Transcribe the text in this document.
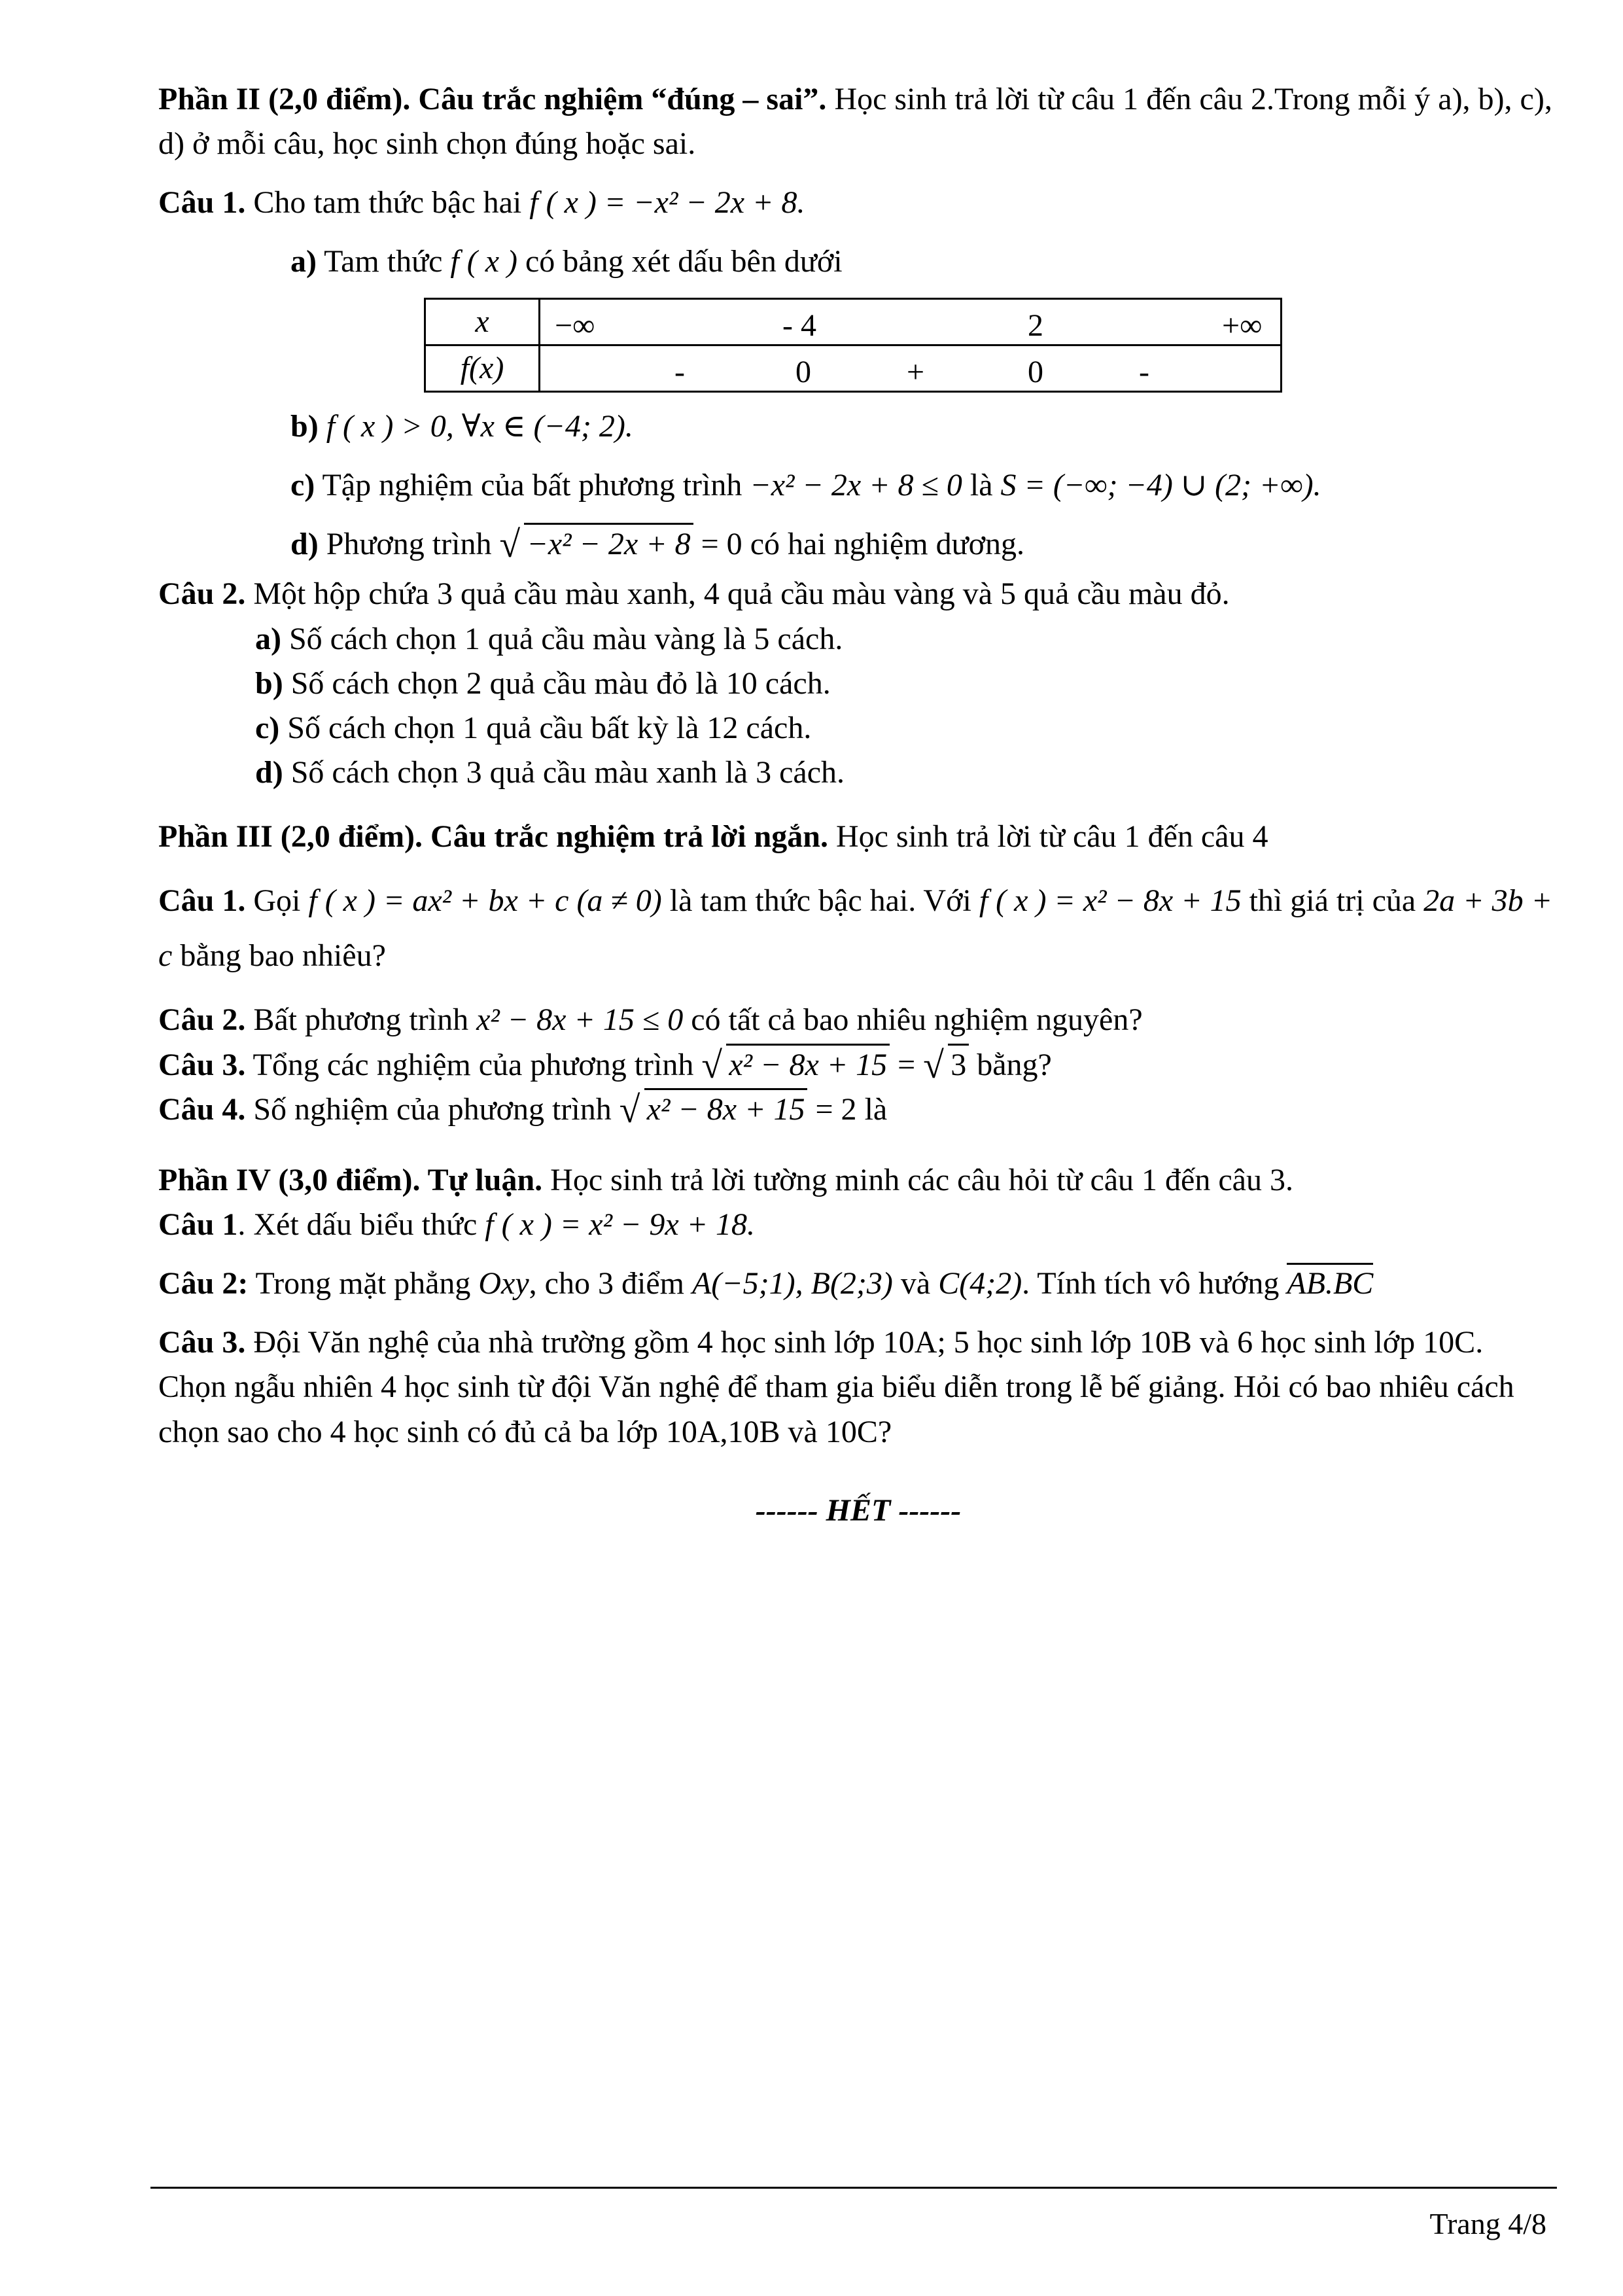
Phần II (2,0 điểm). Câu trắc nghiệm “đúng – sai”. Học sinh trả lời từ câu 1 đến câu 2.Trong mỗi ý a), b), c), d) ở mỗi câu, học sinh chọn đúng hoặc sai.

Câu 1. Cho tam thức bậc hai f ( x ) = −x² − 2x + 8.

a) Tam thức f ( x ) có bảng xét dấu bên dưới

x	−∞ - 4 2 +∞

f(x)	- 0 + 0 -

b) f ( x ) > 0, ∀x ∈ (−4; 2).

c) Tập nghiệm của bất phương trình −x² − 2x + 8 ≤ 0 là S = (−∞; −4) ∪ (2; +∞).

d) Phương trình √ −x² − 2x + 8 = 0 có hai nghiệm dương.

Câu 2. Một hộp chứa 3 quả cầu màu xanh, 4 quả cầu màu vàng và 5 quả cầu màu đỏ.

a) Số cách chọn 1 quả cầu màu vàng là 5 cách.

b) Số cách chọn 2 quả cầu màu đỏ là 10 cách.

c) Số cách chọn 1 quả cầu bất kỳ là 12 cách.

d) Số cách chọn 3 quả cầu màu xanh là 3 cách.

Phần III (2,0 điểm). Câu trắc nghiệm trả lời ngắn. Học sinh trả lời từ câu 1 đến câu 4

Câu 1. Gọi f ( x ) = ax² + bx + c (a ≠ 0) là tam thức bậc hai. Với f ( x ) = x² − 8x + 15 thì giá trị của 2a + 3b + c bằng bao nhiêu?

Câu 2. Bất phương trình x² − 8x + 15 ≤ 0 có tất cả bao nhiêu nghiệm nguyên?

Câu 3. Tổng các nghiệm của phương trình √ x² − 8x + 15 = √ 3 bằng?

Câu 4. Số nghiệm của phương trình √ x² − 8x + 15 = 2 là

Phần IV (3,0 điểm). Tự luận. Học sinh trả lời tường minh các câu hỏi từ câu 1 đến câu 3.

Câu 1. Xét dấu biểu thức f ( x ) = x² − 9x + 18.

Câu 2: Trong mặt phẳng Oxy, cho 3 điểm A(−5;1), B(2;3) và C(4;2). Tính tích vô hướng AB.BC

Câu 3. Đội Văn nghệ của nhà trường gồm 4 học sinh lớp 10A; 5 học sinh lớp 10B và 6 học sinh lớp 10C. Chọn ngẫu nhiên 4 học sinh từ đội Văn nghệ để tham gia biểu diễn trong lễ bế giảng. Hỏi có bao nhiêu cách chọn sao cho 4 học sinh có đủ cả ba lớp 10A,10B và 10C?

------ HẾT ------

Trang 4/8
